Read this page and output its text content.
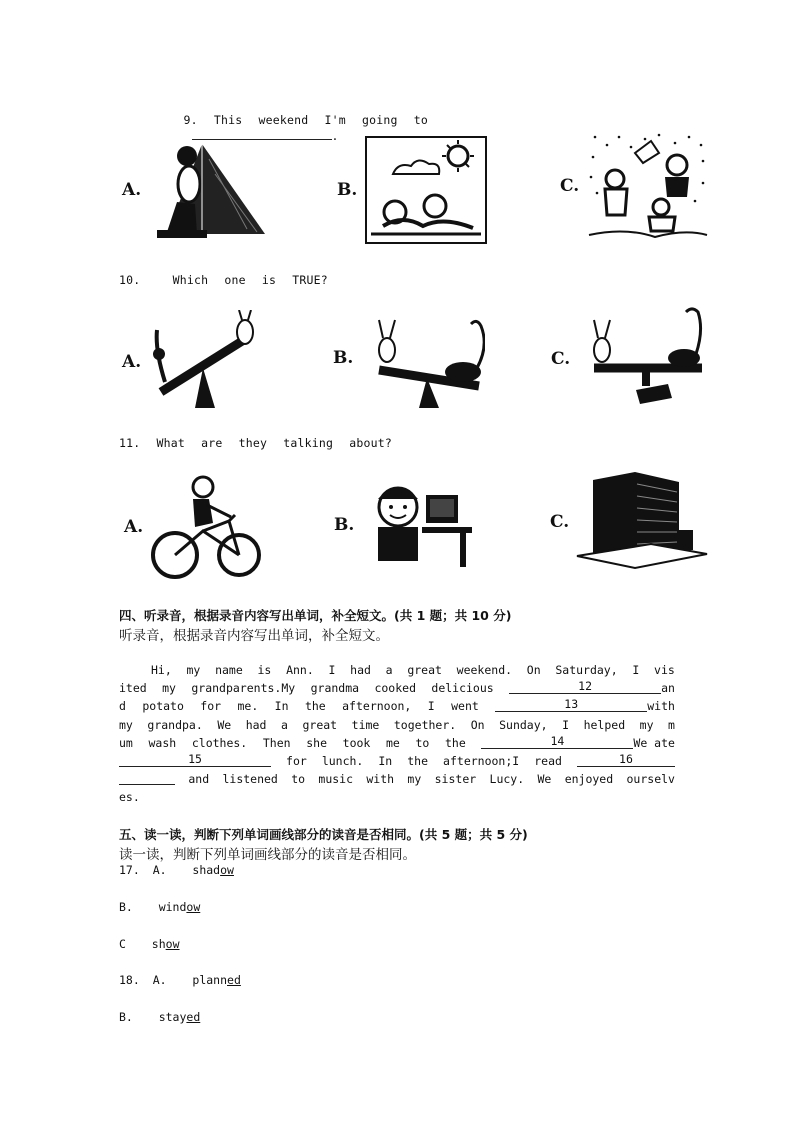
9. This weekend I'm going to
.

A.	B.	C.
10.  Which one is TRUE?
A.	B.	C.
11. What are they talking about?
A.	B.	C.
四、听录音，根据录音内容写出单词，补全短文。(共 1 题；共 10 分)
听录音，根据录音内容写出单词，补全短文。
Hi, my name is Ann. I had a great weekend. On Saturday, I vis
ited my grandparents.My grandma cooked delicious	12	an
d potato for me. In the afternoon, I went	13	with
my grandpa. We had a great time together. On Sunday, I helped my m
um wash clothes. Then she took me to the	14	We ate
15	for lunch. In the afternoon;I read	16
and listened to music with my sister Lucy. We enjoyed ourselv
es.
五、读一读，判断下列单词画线部分的读音是否相同。(共 5 题；共 5 分)
读一读，判断下列单词画线部分的读音是否相同。
17. A.  shadow
B.  window
C  show
18. A.  planned
B.  stayed
